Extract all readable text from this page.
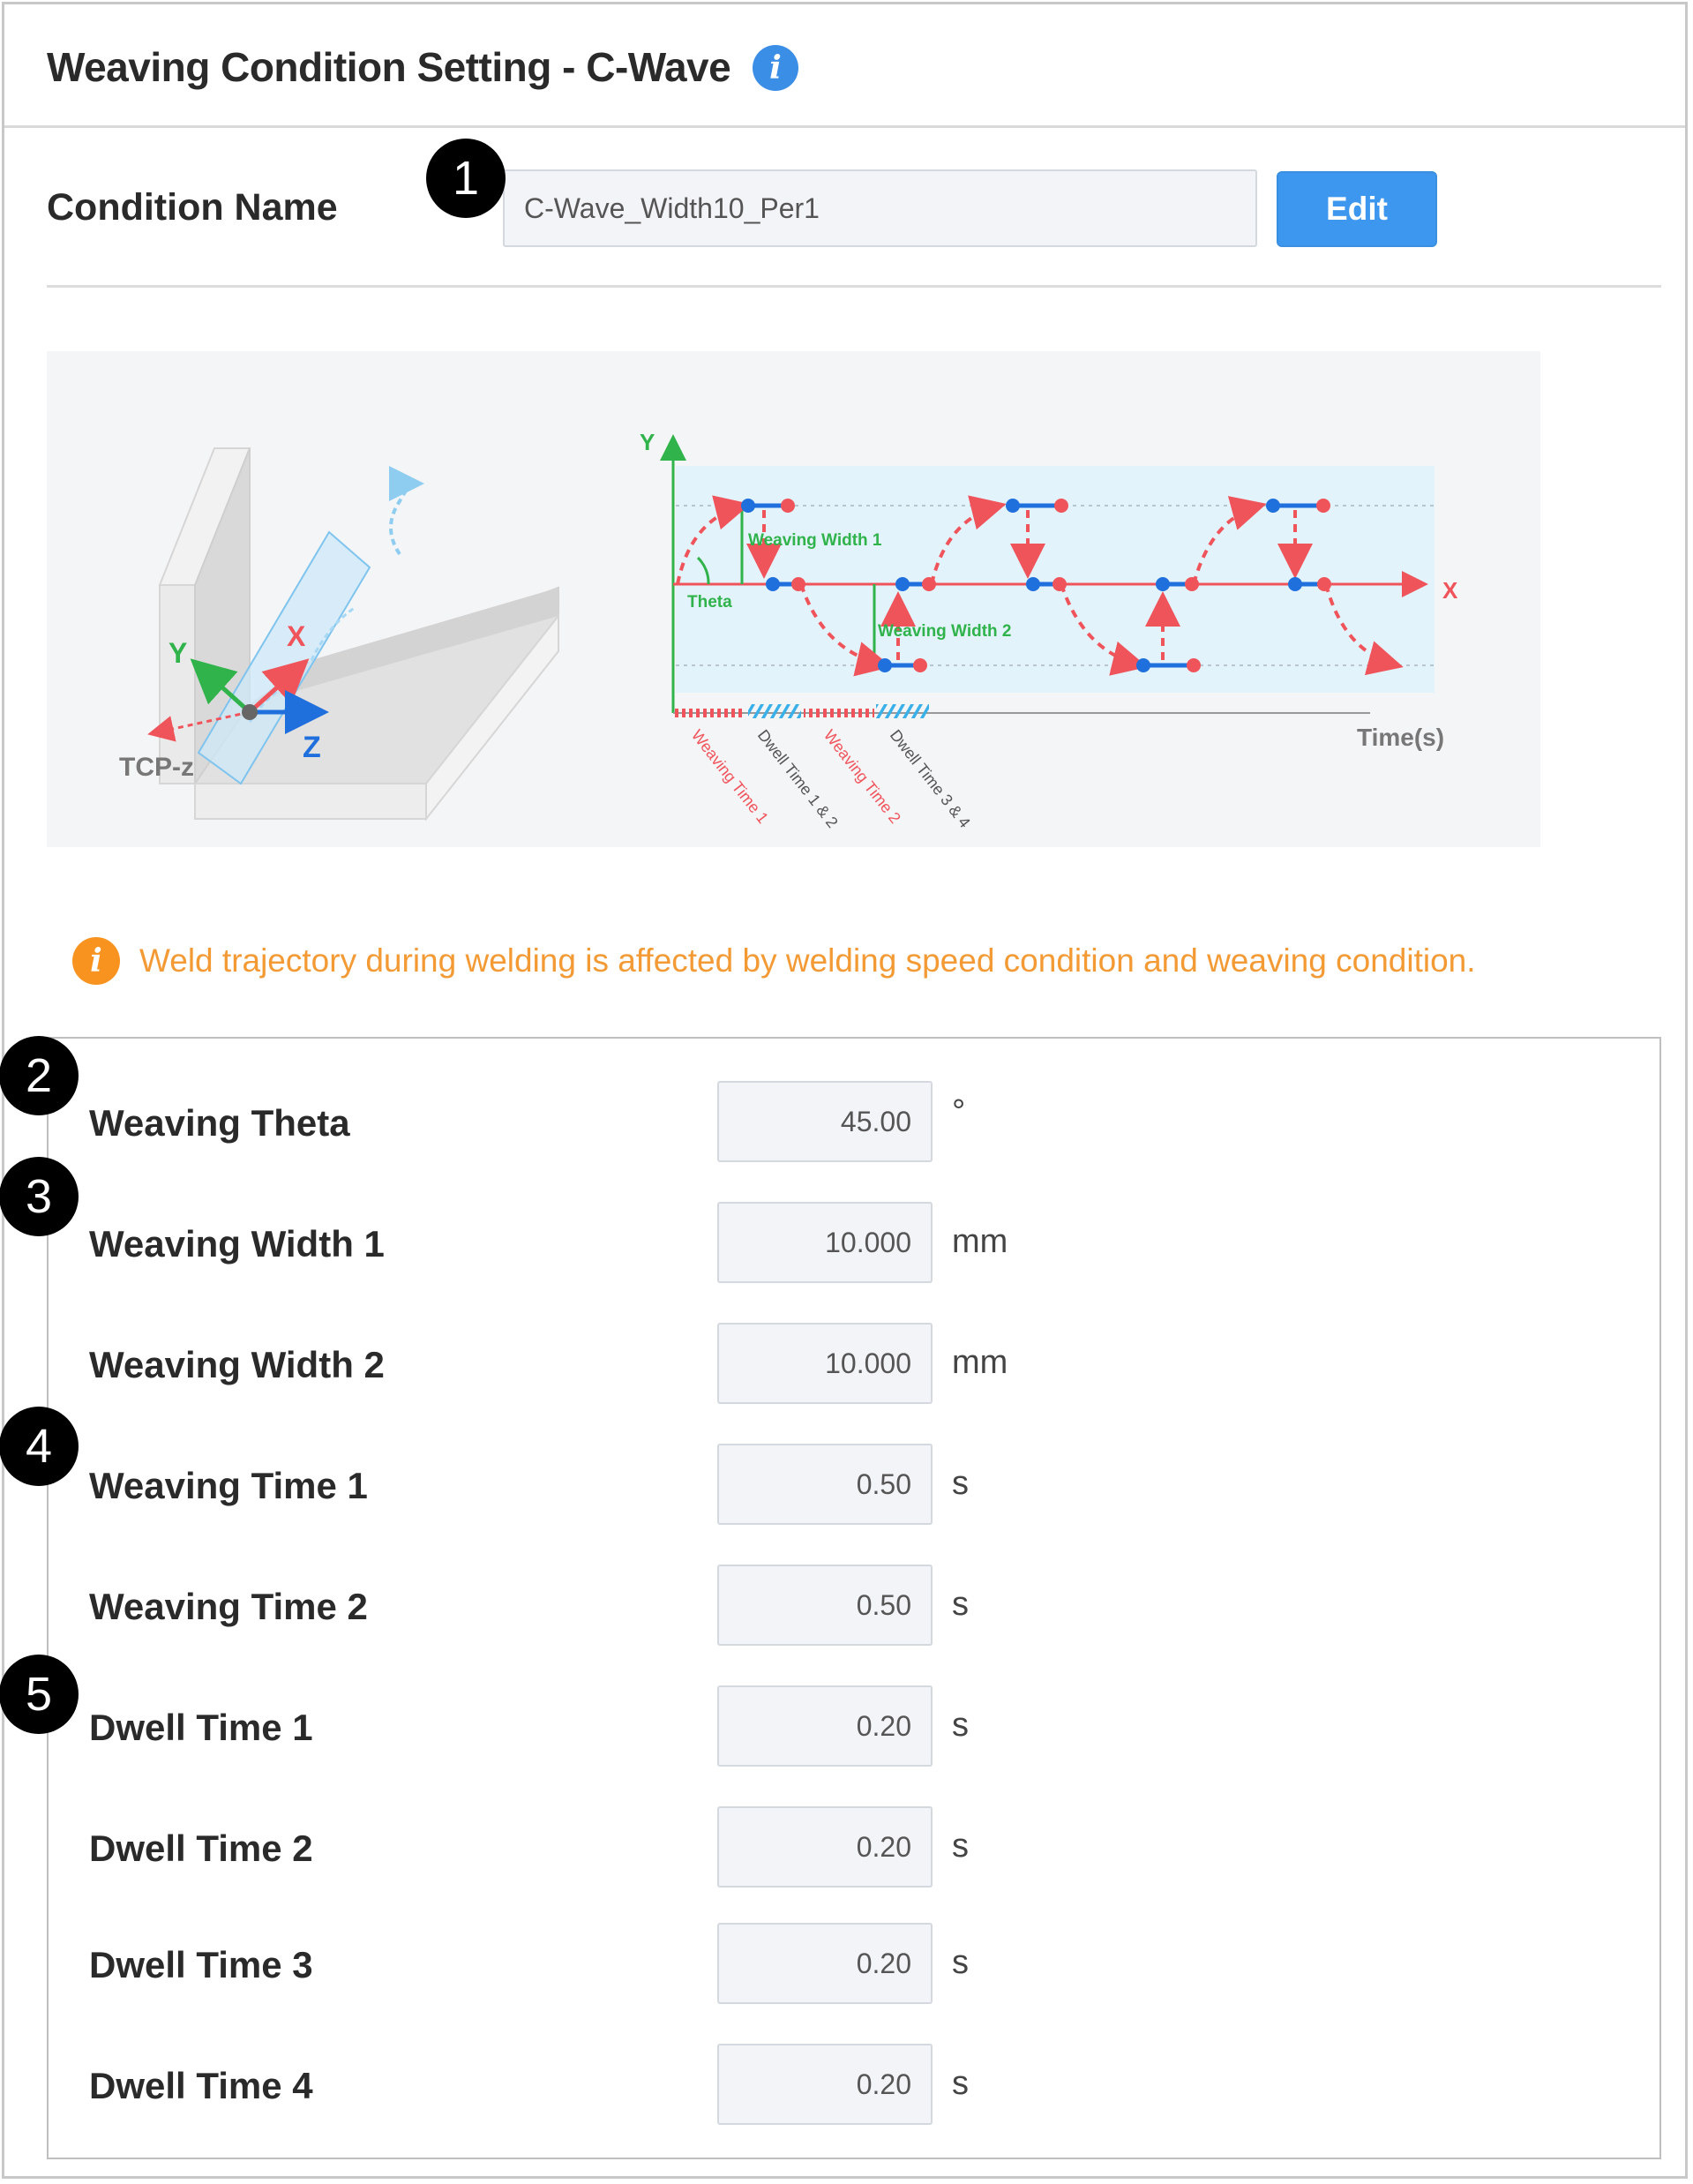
Weaving Condition Setting - C-Wave	i
Condition Name	C-Wave_Width10_Per1	Edit
Y
X
Z
TCP-z
Y
X
Time(s)
Theta
Weaving Width 1
Weaving Width 2
Weaving Time 1
Dwell Time 1 & 2
Weaving Time 2
Dwell Time 3 & 4
i	Weld trajectory during welding is affected by welding speed condition and weaving condition.
Weaving Theta	45.00	°
Weaving Width 1	10.000	mm
Weaving Width 2	10.000	mm
Weaving Time 1	0.50	s
Weaving Time 2	0.50	s
Dwell Time 1	0.20	s
Dwell Time 2	0.20	s
Dwell Time 3	0.20	s
Dwell Time 4	0.20	s
1
2
3
4
5
